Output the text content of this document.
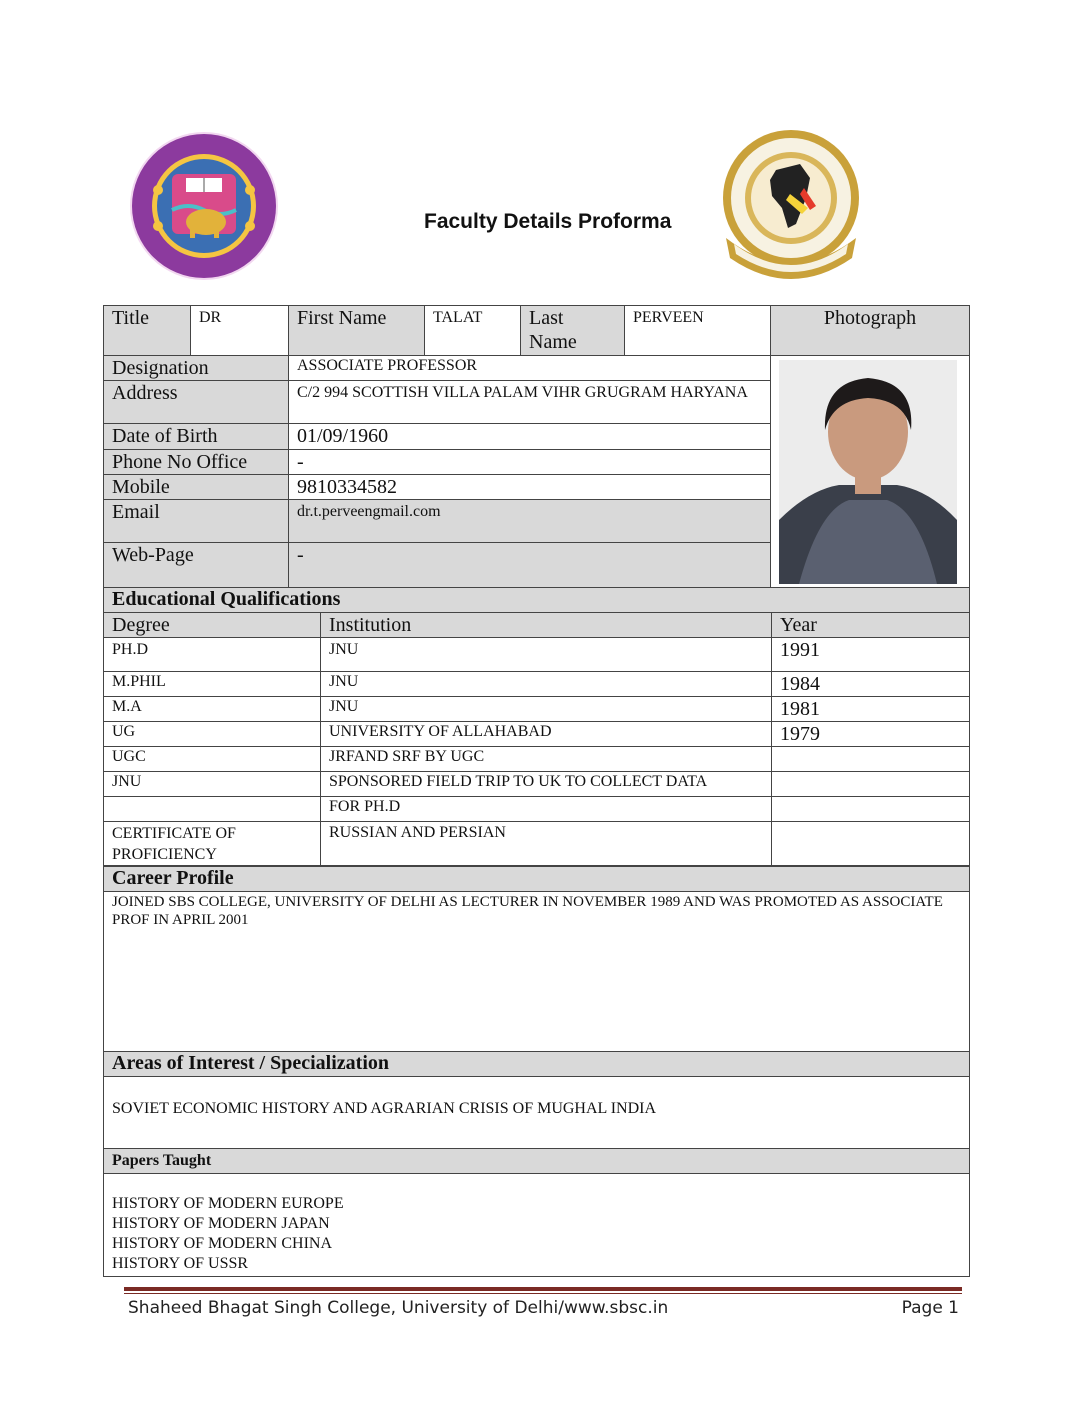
Faculty Details Proforma
Title	DR	First Name	TALAT	Last Name	PERVEEN	Photograph
Designation		ASSOCIATE PROFESSOR	

Address		C/2 994 SCOTTISH VILLA PALAM VIHR GRUGRAM HARYANA				
Date of Birth		01/09/1960				
Phone No Office		-				
Mobile		9810334582				
Email		dr.t.perveengmail.com				
Web-Page		-				
Educational Qualifications		
Degree	Institution	Year
PH.D	JNU	1991
M.PHIL	JNU	1984
M.A	JNU	1981
UG	UNIVERSITY OF ALLAHABAD	1979
UGC	JRFAND SRF BY UGC	
JNU	SPONSORED FIELD TRIP TO UK TO COLLECT DATA	
	FOR PH.D	
CERTIFICATE OF PROFICIENCY	RUSSIAN AND PERSIAN	
Career Profile
JOINED SBS COLLEGE, UNIVERSITY OF DELHI AS LECTURER IN NOVEMBER 1989 AND WAS PROMOTED AS ASSOCIATE PROF IN APRIL 2001
Areas of Interest / Specialization
SOVIET ECONOMIC HISTORY AND AGRARIAN CRISIS OF MUGHAL INDIA
Papers Taught

HISTORY OF MODERN EUROPE
HISTORY OF MODERN JAPAN
HISTORY OF MODERN CHINA
HISTORY OF USSR
Shaheed Bhagat Singh College, University of Delhi/www.sbsc.in	Page 1
